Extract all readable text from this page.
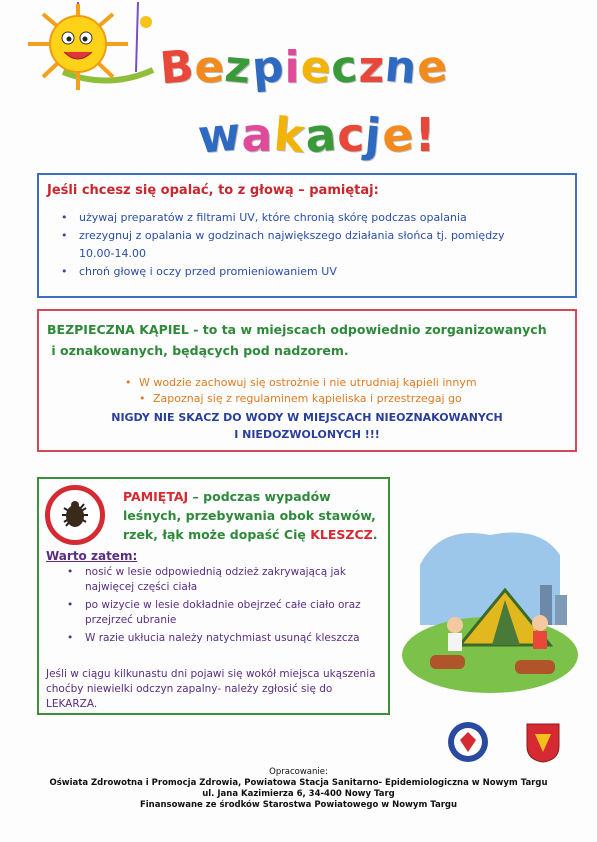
Bezpieczne
wakacje!
Jeśli chcesz się opalać, to z głową – pamiętaj:
• używaj preparatów z filtrami UV, które chronią skórę podczas opalania
• zrezygnuj z opalania w godzinach największego działania słońca tj. pomiędzy
10.00-14.00
• chroń głowę i oczy przed promieniowaniem UV
BEZPIECZNA KĄPIEL - to ta w miejscach odpowiednio zorganizowanych
i oznakowanych, będących pod nadzorem.
• W wodzie zachowuj się ostrożnie i nie utrudniaj kąpieli innym
• Zapoznaj się z regulaminem kąpieliska i przestrzegaj go
NIGDY NIE SKACZ DO WODY W MIEJSCACH NIEOZNAKOWANYCH
I NIEDOZWOLONYCH !!!
PAMIĘTAJ – podczas wypadów
leśnych, przebywania obok stawów,
rzek, łąk może dopaść Cię KLESZCZ.
Warto zatem:
• nosić w lesie odpowiednią odzież zakrywającą jak najwięcej części ciała
• po wizycie w lesie dokładnie obejrzeć całe ciało oraz przejrzeć ubranie
• W razie ukłucia należy natychmiast usunąć kleszcza
Jeśli w ciągu kilkunastu dni pojawi się wokół miejsca ukąszenia choćby niewielki odczyn zapalny- należy zgłosić się do LEKARZA.
Opracowanie:
Oświata Zdrowotna i Promocja Zdrowia, Powiatowa Stacja Sanitarno- Epidemiologiczna w Nowym Targu
ul. Jana Kazimierza 6, 34-400 Nowy Targ
Finansowane ze środków Starostwa Powiatowego w Nowym Targu
